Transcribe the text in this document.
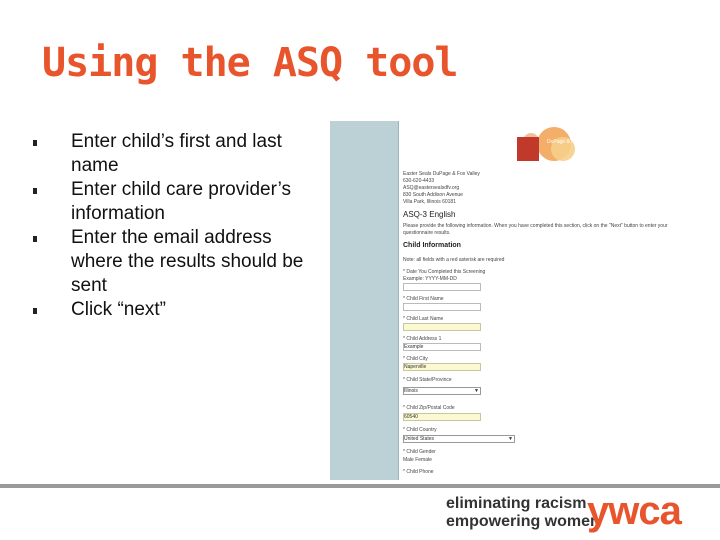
Using the ASQ tool
Enter child’s first and last name
Enter child care provider’s information
Enter the email address where the results should be sent
Click “next”
DuPage & Fox Valley
Easter Seals DuPage & Fox Valley
630-620-4433
ASQ@eastersealsdfv.org
830 South Addison Avenue
Villa Park, Illinois 60181
ASQ-3 English
Please provide the following information. When you have completed this section, click on the "Next" button to enter your
questionnaire results.
Child Information
Note: all fields with a red asterisk are required
* Date You Completed this Screening
Example: YYYY-MM-DD
* Child First Name
* Child Last Name
* Child Address 1
Example
* Child City
Naperville
* Child State/Province
Illinois	▼
* Child Zip/Postal Code
60540
* Child Country
United States	▼
* Child Gender
Male Female
* Child Phone
eliminating racism
empowering women
ywca
